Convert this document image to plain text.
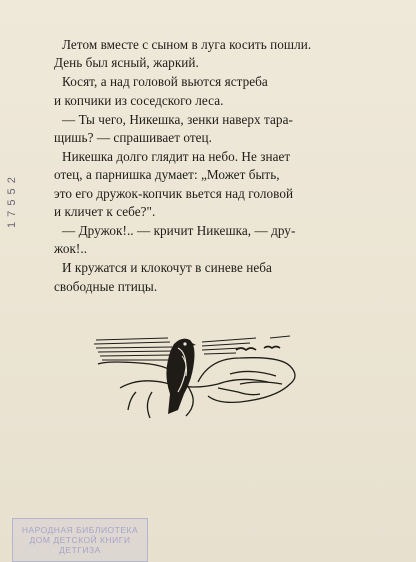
Летом вместе с сыном в луга косить пошли.
День был ясный, жаркий.

Косят, а над головой вьются ястреба
и копчики из соседского леса.

— Ты чего, Никешка, зенки наверх тара-
щишь? — спрашивает отец.

Никешка долго глядит на небо. Не знает
отец, а парнишка думает: „Может быть,
это его дружок-копчик вьется над головой
и кличет к себе?".

— Дружок!.. — кричит Никешка, — дру-
жок!..

И кружатся и клокочут в синеве неба
свободные птицы.

1 7 5 5 2
НАРОДНАЯ БИБЛИОТЕКА
ДОМ ДЕТСКОЙ КНИГИ
ДЕТГИЗА
